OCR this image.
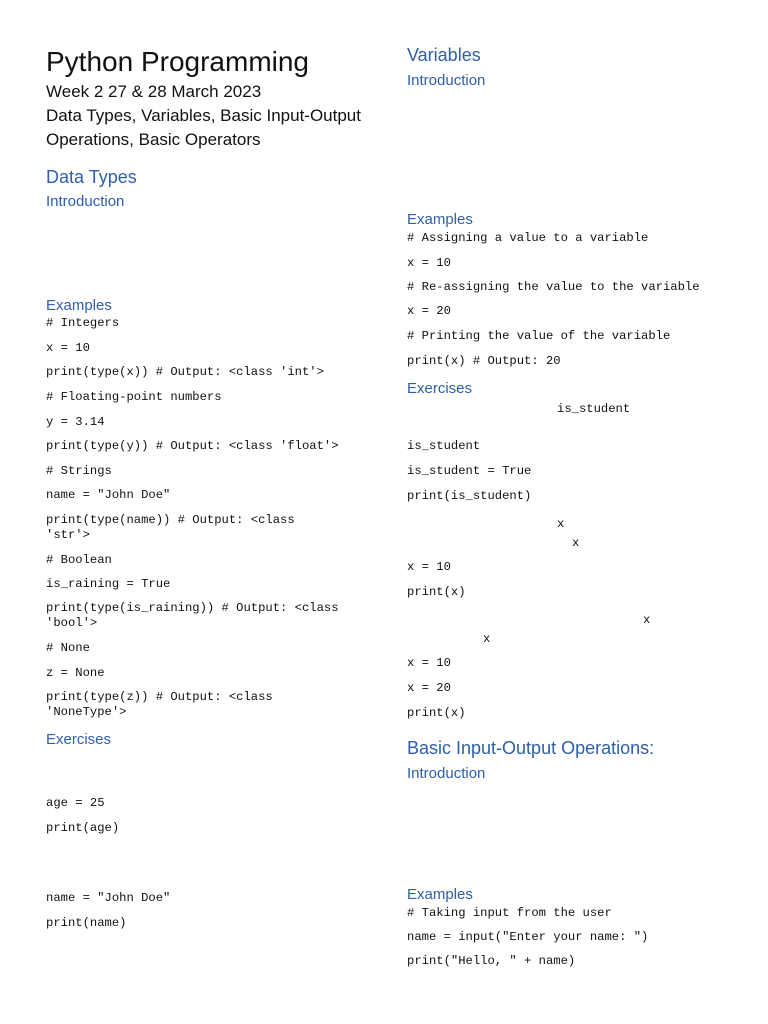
Python Programming
Week 2 27 & 28 March 2023
Data Types, Variables, Basic Input-Output
Operations, Basic Operators
Data Types
Introduction
Examples
# Integers
x = 10
print(type(x)) # Output: <class 'int'>
# Floating-point numbers
y = 3.14
print(type(y)) # Output: <class 'float'>
# Strings
name = "John Doe"
print(type(name)) # Output: <class
'str'>
# Boolean
is_raining = True
print(type(is_raining)) # Output: <class
'bool'>
# None
z = None
print(type(z)) # Output: <class
'NoneType'>
Exercises
age = 25
print(age)
name = "John Doe"
print(name)
Variables
Introduction
Examples
# Assigning a value to a variable
x = 10
# Re-assigning the value to the variable
x = 20
# Printing the value of the variable
print(x) # Output: 20
Exercises
is_student
is_student
is_student = True
print(is_student)
x
x
x = 10
print(x)
x
x
x = 10
x = 20
print(x)
Basic Input-Output Operations:
Introduction
Examples
# Taking input from the user
name = input("Enter your name: ")
print("Hello, " + name)
